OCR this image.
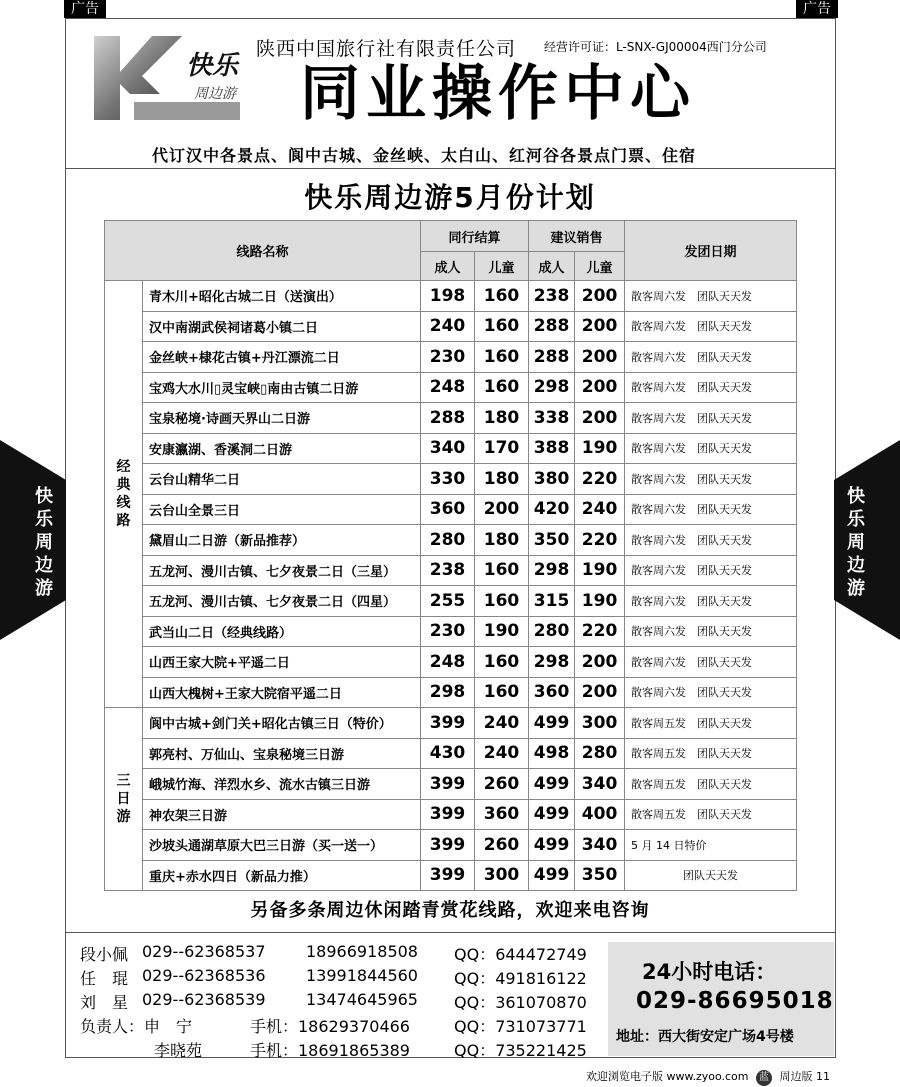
广告	广告
快乐
周边游
陕西中国旅行社有限责任公司 经营许可证：L-SNX-GJ00004西门分公司
同业操作中心
代订汉中各景点、阆中古城、金丝峡、太白山、红河谷各景点门票、住宿
快乐周边游5月份计划
线路名称		同行结算		建议销售		发团日期
		成人	儿童	成人	儿童	

经典线路	青木川+昭化古城二日（送演出）	198	160	238	200	散客周六发　团队天天发
	汉中南湖武侯祠诸葛小镇二日	240	160	288	200	散客周六发　团队天天发
	金丝峡+棣花古镇+丹江漂流二日	230	160	288	200	散客周六发　团队天天发
	宝鸡大水川▯灵宝峡▯南由古镇二日游	248	160	298	200	散客周六发　团队天天发
	宝泉秘境·诗画天界山二日游	288	180	338	200	散客周六发　团队天天发
	安康瀛湖、香溪洞二日游	340	170	388	190	散客周六发　团队天天发
	云台山精华二日	330	180	380	220	散客周六发　团队天天发
	云台山全景三日	360	200	420	240	散客周六发　团队天天发
	黛眉山二日游（新品推荐）	280	180	350	220	散客周六发　团队天天发
	五龙河、漫川古镇、七夕夜景二日（三星）	238	160	298	190	散客周六发　团队天天发
	五龙河、漫川古镇、七夕夜景二日（四星）	255	160	315	190	散客周六发　团队天天发
	武当山二日（经典线路）	230	190	280	220	散客周六发　团队天天发
	山西王家大院+平遥二日	248	160	298	200	散客周六发　团队天天发
	山西大槐树+王家大院宿平遥二日	298	160	360	200	散客周六发　团队天天发

三日游	阆中古城+剑门关+昭化古镇三日（特价）	399	240	499	300	散客周五发　团队天天发
	郭亮村、万仙山、宝泉秘境三日游	430	240	498	280	散客周五发　团队天天发
	峨城竹海、洋烈水乡、流水古镇三日游	399	260	499	340	散客周五发　团队天天发
	神农架三日游	399	360	499	400	散客周五发　团队天天发
	沙坡头通湖草原大巴三日游（买一送一）	399	260	499	340	5 月 14 日特价
	重庆+赤水四日（新品力推）	399	300	499	350	团队天天发
另备多条周边休闲踏青赏花线路，欢迎来电咨询
段小佩 029--62368537	18966918508 QQ：644472749
任　琨 029--62368536	13991844560 QQ：491816122
刘　星 029--62368539	13474645965 QQ：361070870
负责人：申　宁	手机：18629370466	QQ：731073771
李晓苑	手机：18691865389	QQ：735221425
24小时电话：
029-86695018
地址：西大街安定广场4号楼
快乐周边游
快乐周边游
欢迎浏览电子版 www.zyoo.com 蓝 周边版 11
